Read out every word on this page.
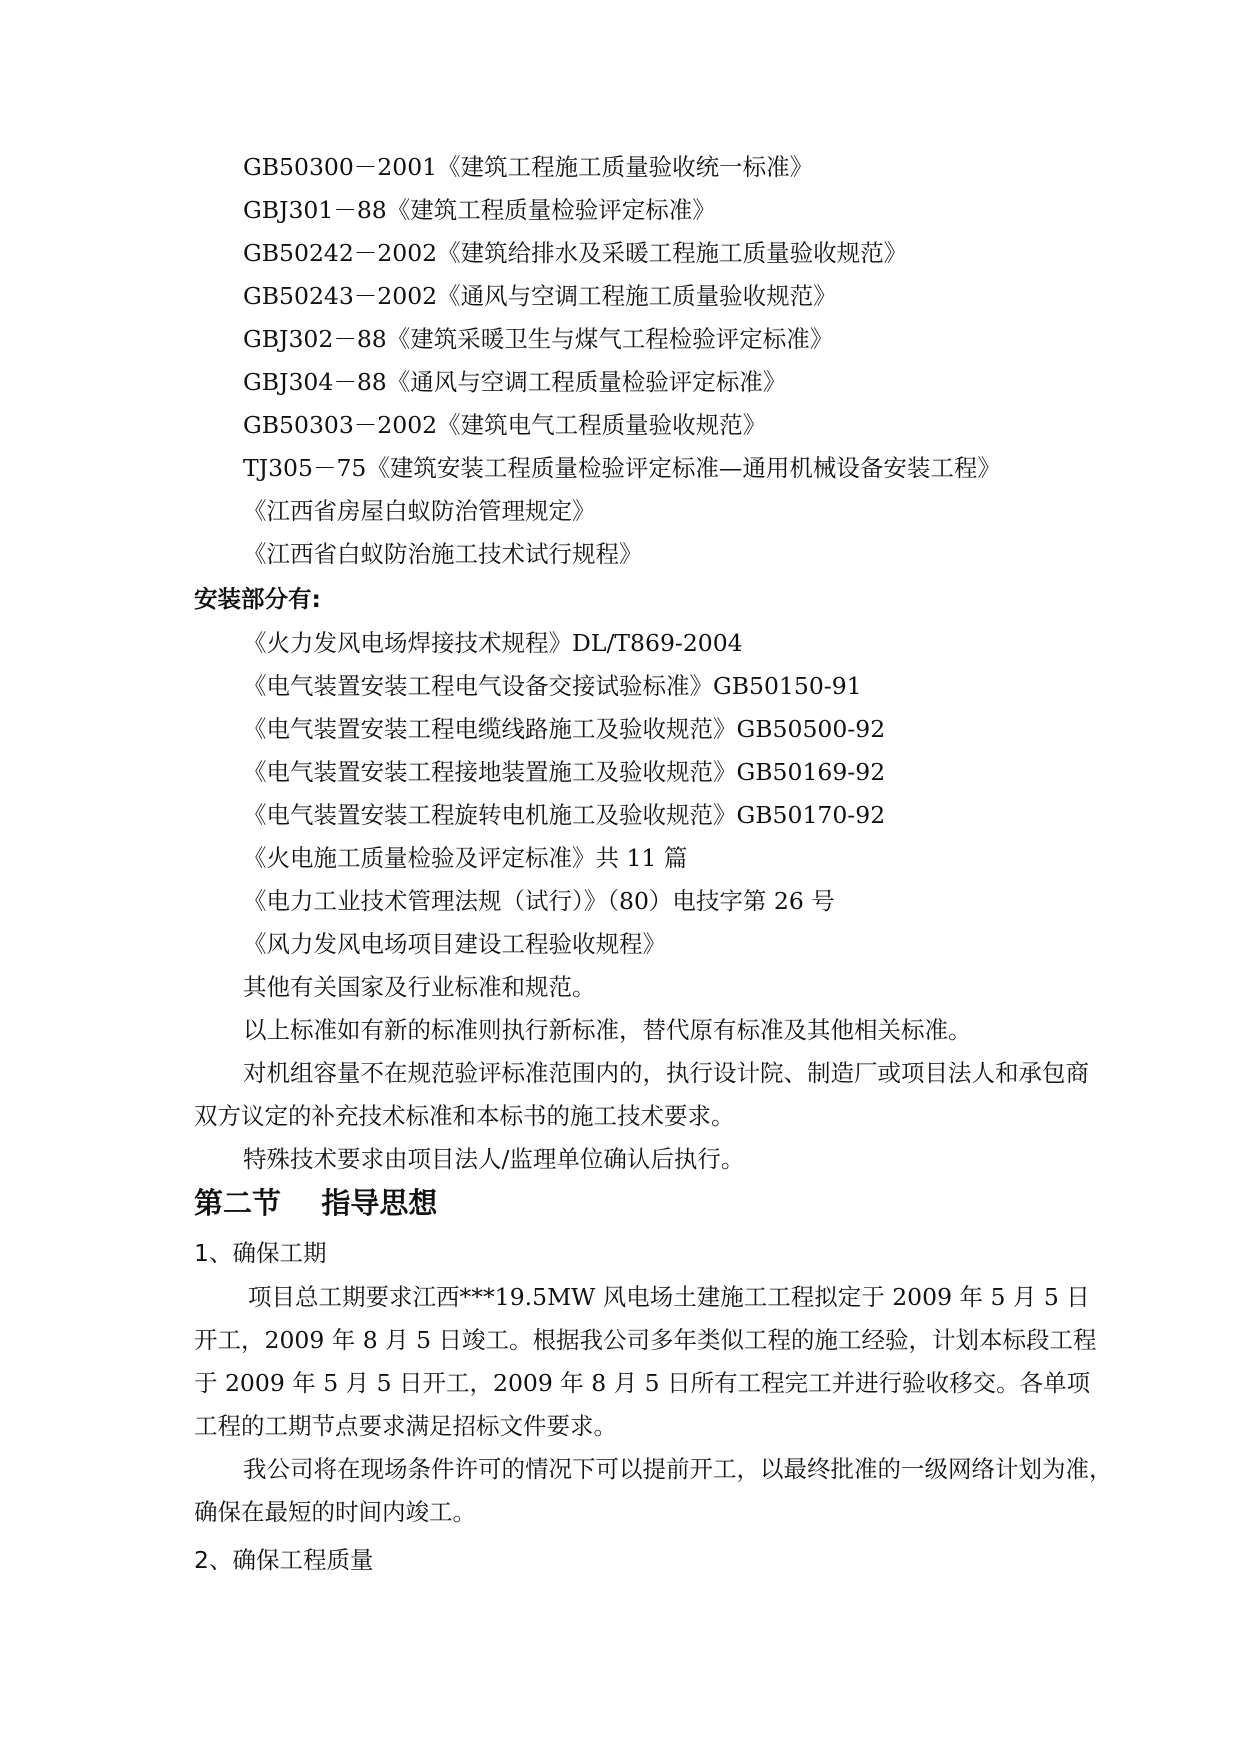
GB50300－2001《建筑工程施工质量验收统一标准》
GBJ301－88《建筑工程质量检验评定标准》
GB50242－2002《建筑给排水及采暖工程施工质量验收规范》
GB50243－2002《通风与空调工程施工质量验收规范》
GBJ302－88《建筑采暖卫生与煤气工程检验评定标准》
GBJ304－88《通风与空调工程质量检验评定标准》
GB50303－2002《建筑电气工程质量验收规范》
TJ305－75《建筑安装工程质量检验评定标准—通用机械设备安装工程》
《江西省房屋白蚁防治管理规定》
《江西省白蚁防治施工技术试行规程》
安装部分有:
《火力发风电场焊接技术规程》DL/T869-2004
《电气装置安装工程电气设备交接试验标准》GB50150-91
《电气装置安装工程电缆线路施工及验收规范》GB50500-92
《电气装置安装工程接地装置施工及验收规范》GB50169-92
《电气装置安装工程旋转电机施工及验收规范》GB50170-92
《火电施工质量检验及评定标准》共 11 篇
《电力工业技术管理法规（试行）》（80）电技字第 26 号
《风力发风电场项目建设工程验收规程》
其他有关国家及行业标准和规范。
以上标准如有新的标准则执行新标准，替代原有标准及其他相关标准。
对机组容量不在规范验评标准范围内的，执行设计院、制造厂或项目法人和承包商
双方议定的补充技术标准和本标书的施工技术要求。
特殊技术要求由项目法人/监理单位确认后执行。
第二节    指导思想
1、确保工期
项目总工期要求江西***19.5MW 风电场土建施工工程拟定于 2009 年 5 月 5 日
开工，2009 年 8 月 5 日竣工。根据我公司多年类似工程的施工经验，计划本标段工程
于 2009 年 5 月 5 日开工，2009 年 8 月 5 日所有工程完工并进行验收移交。各单项
工程的工期节点要求满足招标文件要求。
我公司将在现场条件许可的情况下可以提前开工，以最终批准的一级网络计划为准，
确保在最短的时间内竣工。
2、确保工程质量
